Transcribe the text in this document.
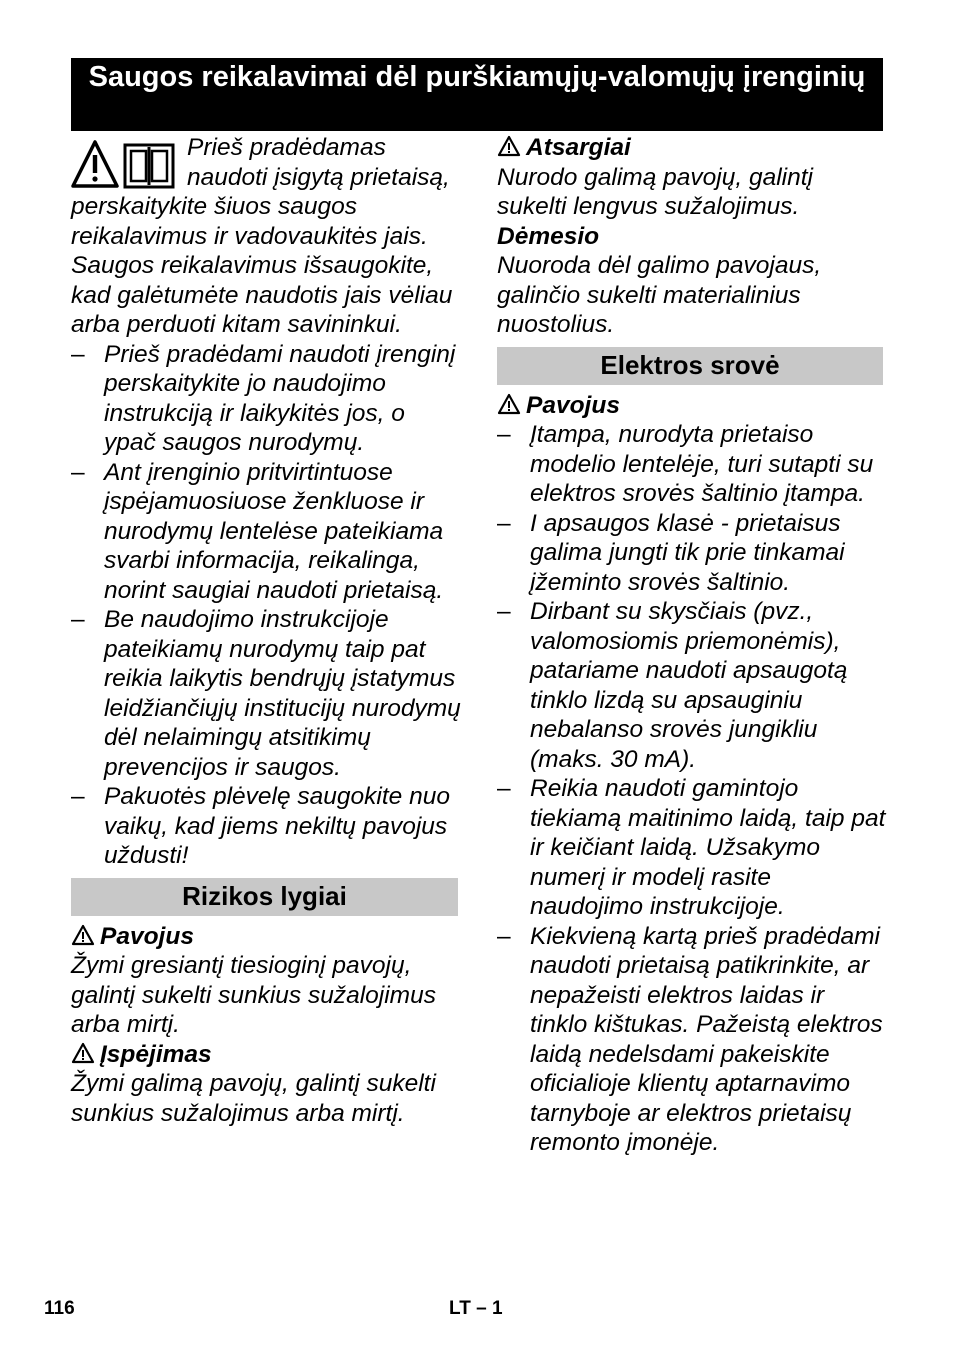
Saugos reikalavimai dėl purškiamųjų-valomųjų įrenginių

Prieš pradėdamas naudoti įsigytą prietaisą, perskaitykite šiuos saugos reikalavimus ir vadovaukitės jais. Saugos reikalavimus išsaugokite, kad galėtumėte naudotis jais vėliau arba perduoti kitam savininkui.

– Prieš pradėdami naudoti įrenginį perskaitykite jo naudojimo instrukciją ir laikykitės jos, o ypač saugos nurodymų.
– Ant įrenginio pritvirtintuose įspėjamuosiuose ženkluose ir nurodymų lentelėse pateikiama svarbi informacija, reikalinga, norint saugiai naudoti prietaisą.
– Be naudojimo instrukcijoje pateikiamų nurodymų taip pat reikia laikytis bendrųjų įstatymus leidžiančiųjų institucijų nurodymų dėl nelaimingų atsitikimų prevencijos ir saugos.
– Pakuotės plėvelę saugokite nuo vaikų, kad jiems nekiltų pavojus uždusti!
Rizikos lygiai

Pavojus

Žymi gresiantį tiesioginį pavojų, galintį sukelti sunkius sužalojimus arba mirtį.

Įspėjimas

Žymi galimą pavojų, galintį sukelti sunkius sužalojimus arba mirtį.

Atsargiai

Nurodo galimą pavojų, galintį sukelti lengvus sužalojimus.

Dėmesio

Nuoroda dėl galimo pavojaus, galinčio sukelti materialinius nuostolius.

Elektros srovė

Pavojus

– Įtampa, nurodyta prietaiso modelio lentelėje, turi sutapti su elektros srovės šaltinio įtampa.
– I apsaugos klasė - prietaisus galima jungti tik prie tinkamai įžeminto srovės šaltinio.
– Dirbant su skysčiais (pvz., valomosiomis priemonėmis), patariame naudoti apsaugotą tinklo lizdą su apsauginiu nebalanso srovės jungikliu (maks. 30 mA).
– Reikia naudoti gamintojo tiekiamą maitinimo laidą, taip pat ir keičiant laidą. Užsakymo numerį ir modelį rasite naudojimo instrukcijoje.
– Kiekvieną kartą prieš pradėdami naudoti prietaisą patikrinkite, ar nepažeisti elektros laidas ir tinklo kištukas. Pažeistą elektros laidą nedelsdami pakeiskite oficialioje klientų aptarnavimo tarnyboje ar elektros prietaisų remonto įmonėje.
116	LT – 1
